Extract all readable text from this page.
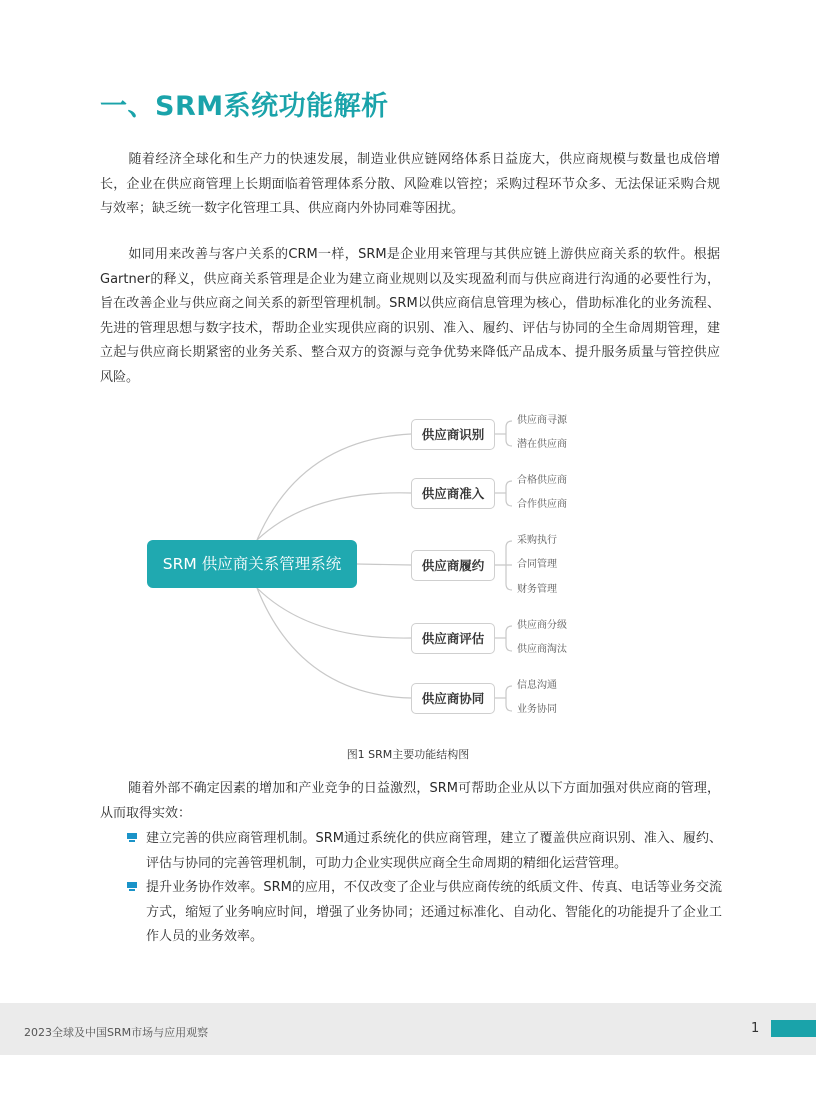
一、SRM系统功能解析

随着经济全球化和生产力的快速发展，制造业供应链网络体系日益庞大，供应商规模与数量也成倍增长，企业在供应商管理上长期面临着管理体系分散、风险难以管控；采购过程环节众多、无法保证采购合规与效率；缺乏统一数字化管理工具、供应商内外协同难等困扰。

如同用来改善与客户关系的CRM一样，SRM是企业用来管理与其供应链上游供应商关系的软件。根据Gartner的释义，供应商关系管理是企业为建立商业规则以及实现盈利而与供应商进行沟通的必要性行为，旨在改善企业与供应商之间关系的新型管理机制。SRM以供应商信息管理为核心，借助标准化的业务流程、先进的管理思想与数字技术，帮助企业实现供应商的识别、准入、履约、评估与协同的全生命周期管理，建立起与供应商长期紧密的业务关系、整合双方的资源与竞争优势来降低产品成本、提升服务质量与管控供应风险。

SRM 供应商关系管理系统
供应商识别
供应商准入
供应商履约
供应商评估
供应商协同
供应商寻源
潜在供应商
合格供应商
合作供应商
采购执行
合同管理
财务管理
供应商分级
供应商淘汰
信息沟通
业务协同
图1 SRM主要功能结构图

随着外部不确定因素的增加和产业竞争的日益激烈，SRM可帮助企业从以下方面加强对供应商的管理，从而取得实效：

建立完善的供应商管理机制。SRM通过系统化的供应商管理，建立了覆盖供应商识别、准入、履约、评估与协同的完善管理机制，可助力企业实现供应商全生命周期的精细化运营管理。
提升业务协作效率。SRM的应用，不仅改变了企业与供应商传统的纸质文件、传真、电话等业务交流方式，缩短了业务响应时间，增强了业务协同；还通过标准化、自动化、智能化的功能提升了企业工作人员的业务效率。
2023全球及中国SRM市场与应用观察	1
